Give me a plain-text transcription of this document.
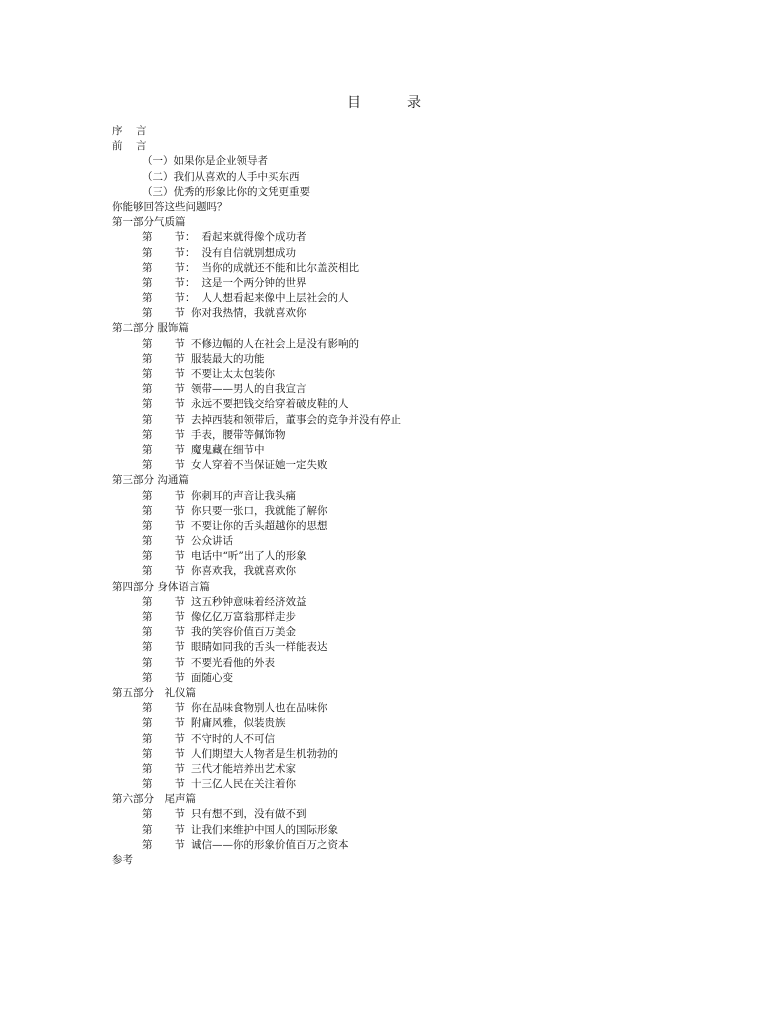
目	录
序 言
前 言
（一）如果你是企业领导者
（二）我们从喜欢的人手中买东西
（三）优秀的形象比你的文凭更重要
你能够回答这些问题吗？
第一部分气质篇
第 节： 看起来就得像个成功者
第 节： 没有自信就别想成功
第 节： 当你的成就还不能和比尔盖茨相比
第 节： 这是一个两分钟的世界
第 节： 人人想看起来像中上层社会的人
第 节 你对我热情，我就喜欢你
第二部分 服饰篇
第 节 不修边幅的人在社会上是没有影响的
第 节 服装最大的功能
第 节 不要让太太包装你
第 节 领带——男人的自我宣言
第 节 永远不要把钱交给穿着破皮鞋的人
第 节 去掉西装和领带后，董事会的竞争并没有停止
第 节 手表，腰带等佩饰物
第 节 魔鬼藏在细节中
第 节 女人穿着不当保证她一定失败
第三部分 沟通篇
第 节 你刺耳的声音让我头痛
第 节 你只要一张口，我就能了解你
第 节 不要让你的舌头超越你的思想
第 节 公众讲话
第 节 电话中“听”出了人的形象
第 节 你喜欢我，我就喜欢你
第四部分 身体语言篇
第 节 这五秒钟意味着经济效益
第 节 像亿亿万富翁那样走步
第 节 我的笑容价值百万美金
第 节 眼睛如同我的舌头一样能表达
第 节 不要光看他的外表
第 节 面随心变
第五部分　礼仪篇
第 节 你在品味食物别人也在品味你
第 节 附庸风雅，似装贵族
第 节 不守时的人不可信
第 节 人们期望大人物者是生机勃勃的
第 节 三代才能培养出艺术家
第 节 十三亿人民在关注着你
第六部分　尾声篇
第 节 只有想不到，没有做不到
第 节 让我们来维护中国人的国际形象
第 节 诚信——你的形象价值百万之资本
参考
